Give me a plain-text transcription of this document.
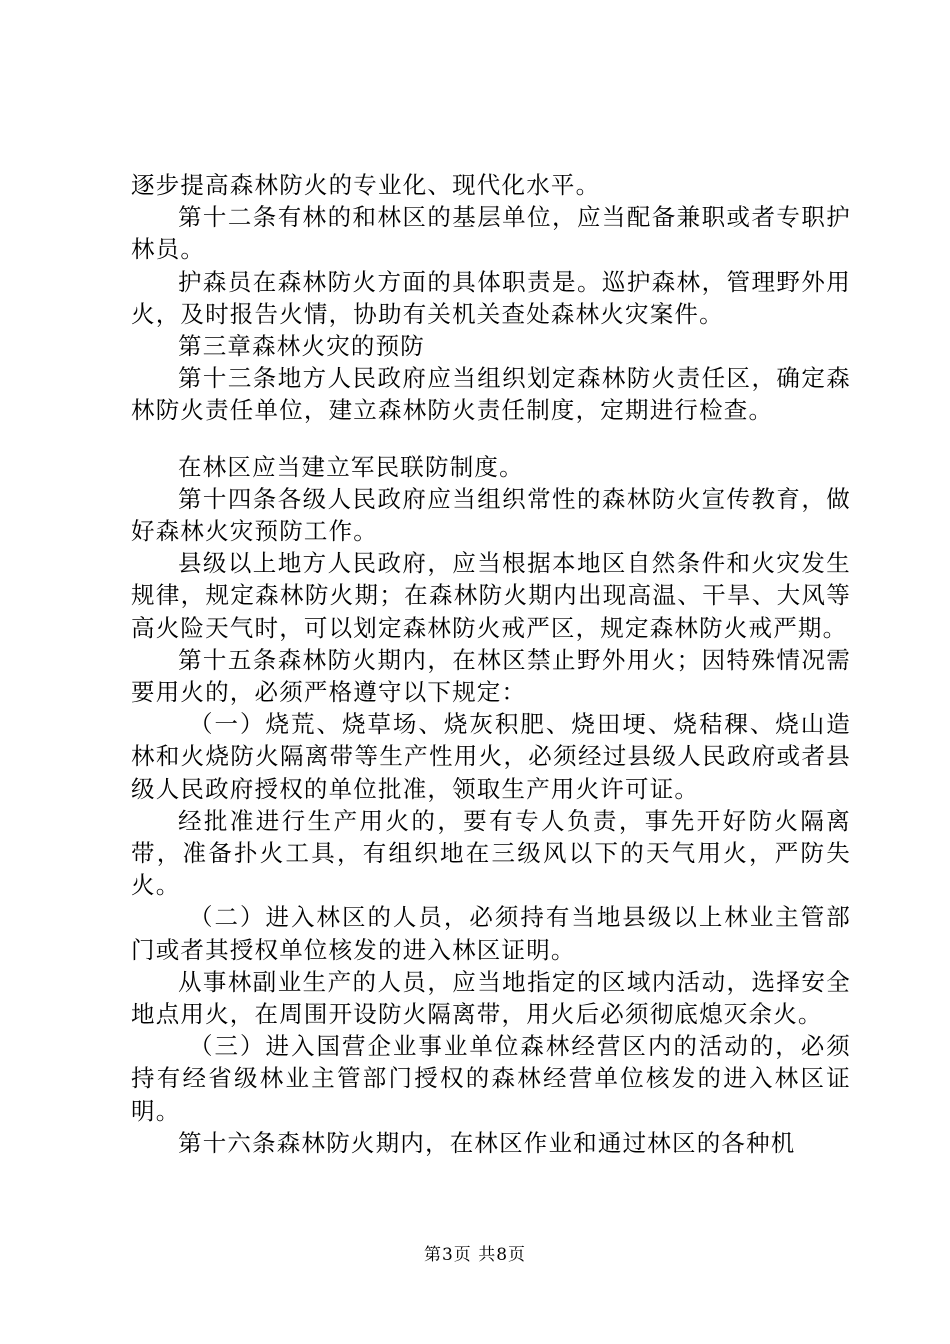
逐步提高森林防火的专业化、现代化水平。

第十二条有林的和林区的基层单位，应当配备兼职或者专职护林员。

护森员在森林防火方面的具体职责是。巡护森林，管理野外用火，及时报告火情，协助有关机关查处森林火灾案件。

第三章森林火灾的预防

第十三条地方人民政府应当组织划定森林防火责任区，确定森林防火责任单位，建立森林防火责任制度，定期进行检查。

在林区应当建立军民联防制度。

第十四条各级人民政府应当组织常性的森林防火宣传教育，做好森林火灾预防工作。

县级以上地方人民政府，应当根据本地区自然条件和火灾发生规律，规定森林防火期；在森林防火期内出现高温、干旱、大风等高火险天气时，可以划定森林防火戒严区，规定森林防火戒严期。

第十五条森林防火期内，在林区禁止野外用火；因特殊情况需要用火的，必须严格遵守以下规定：

（一）烧荒、烧草场、烧灰积肥、烧田埂、烧秸稞、烧山造林和火烧防火隔离带等生产性用火，必须经过县级人民政府或者县级人民政府授权的单位批准，领取生产用火许可证。

经批准进行生产用火的，要有专人负责，事先开好防火隔离带，准备扑火工具，有组织地在三级风以下的天气用火，严防失火。

（二）进入林区的人员，必须持有当地县级以上林业主管部门或者其授权单位核发的进入林区证明。

从事林副业生产的人员，应当地指定的区域内活动，选择安全地点用火，在周围开设防火隔离带，用火后必须彻底熄灭余火。

（三）进入国营企业事业单位森林经营区内的活动的，必须持有经省级林业主管部门授权的森林经营单位核发的进入林区证明。

第十六条森林防火期内，在林区作业和通过林区的各种机

第3页 共8页
